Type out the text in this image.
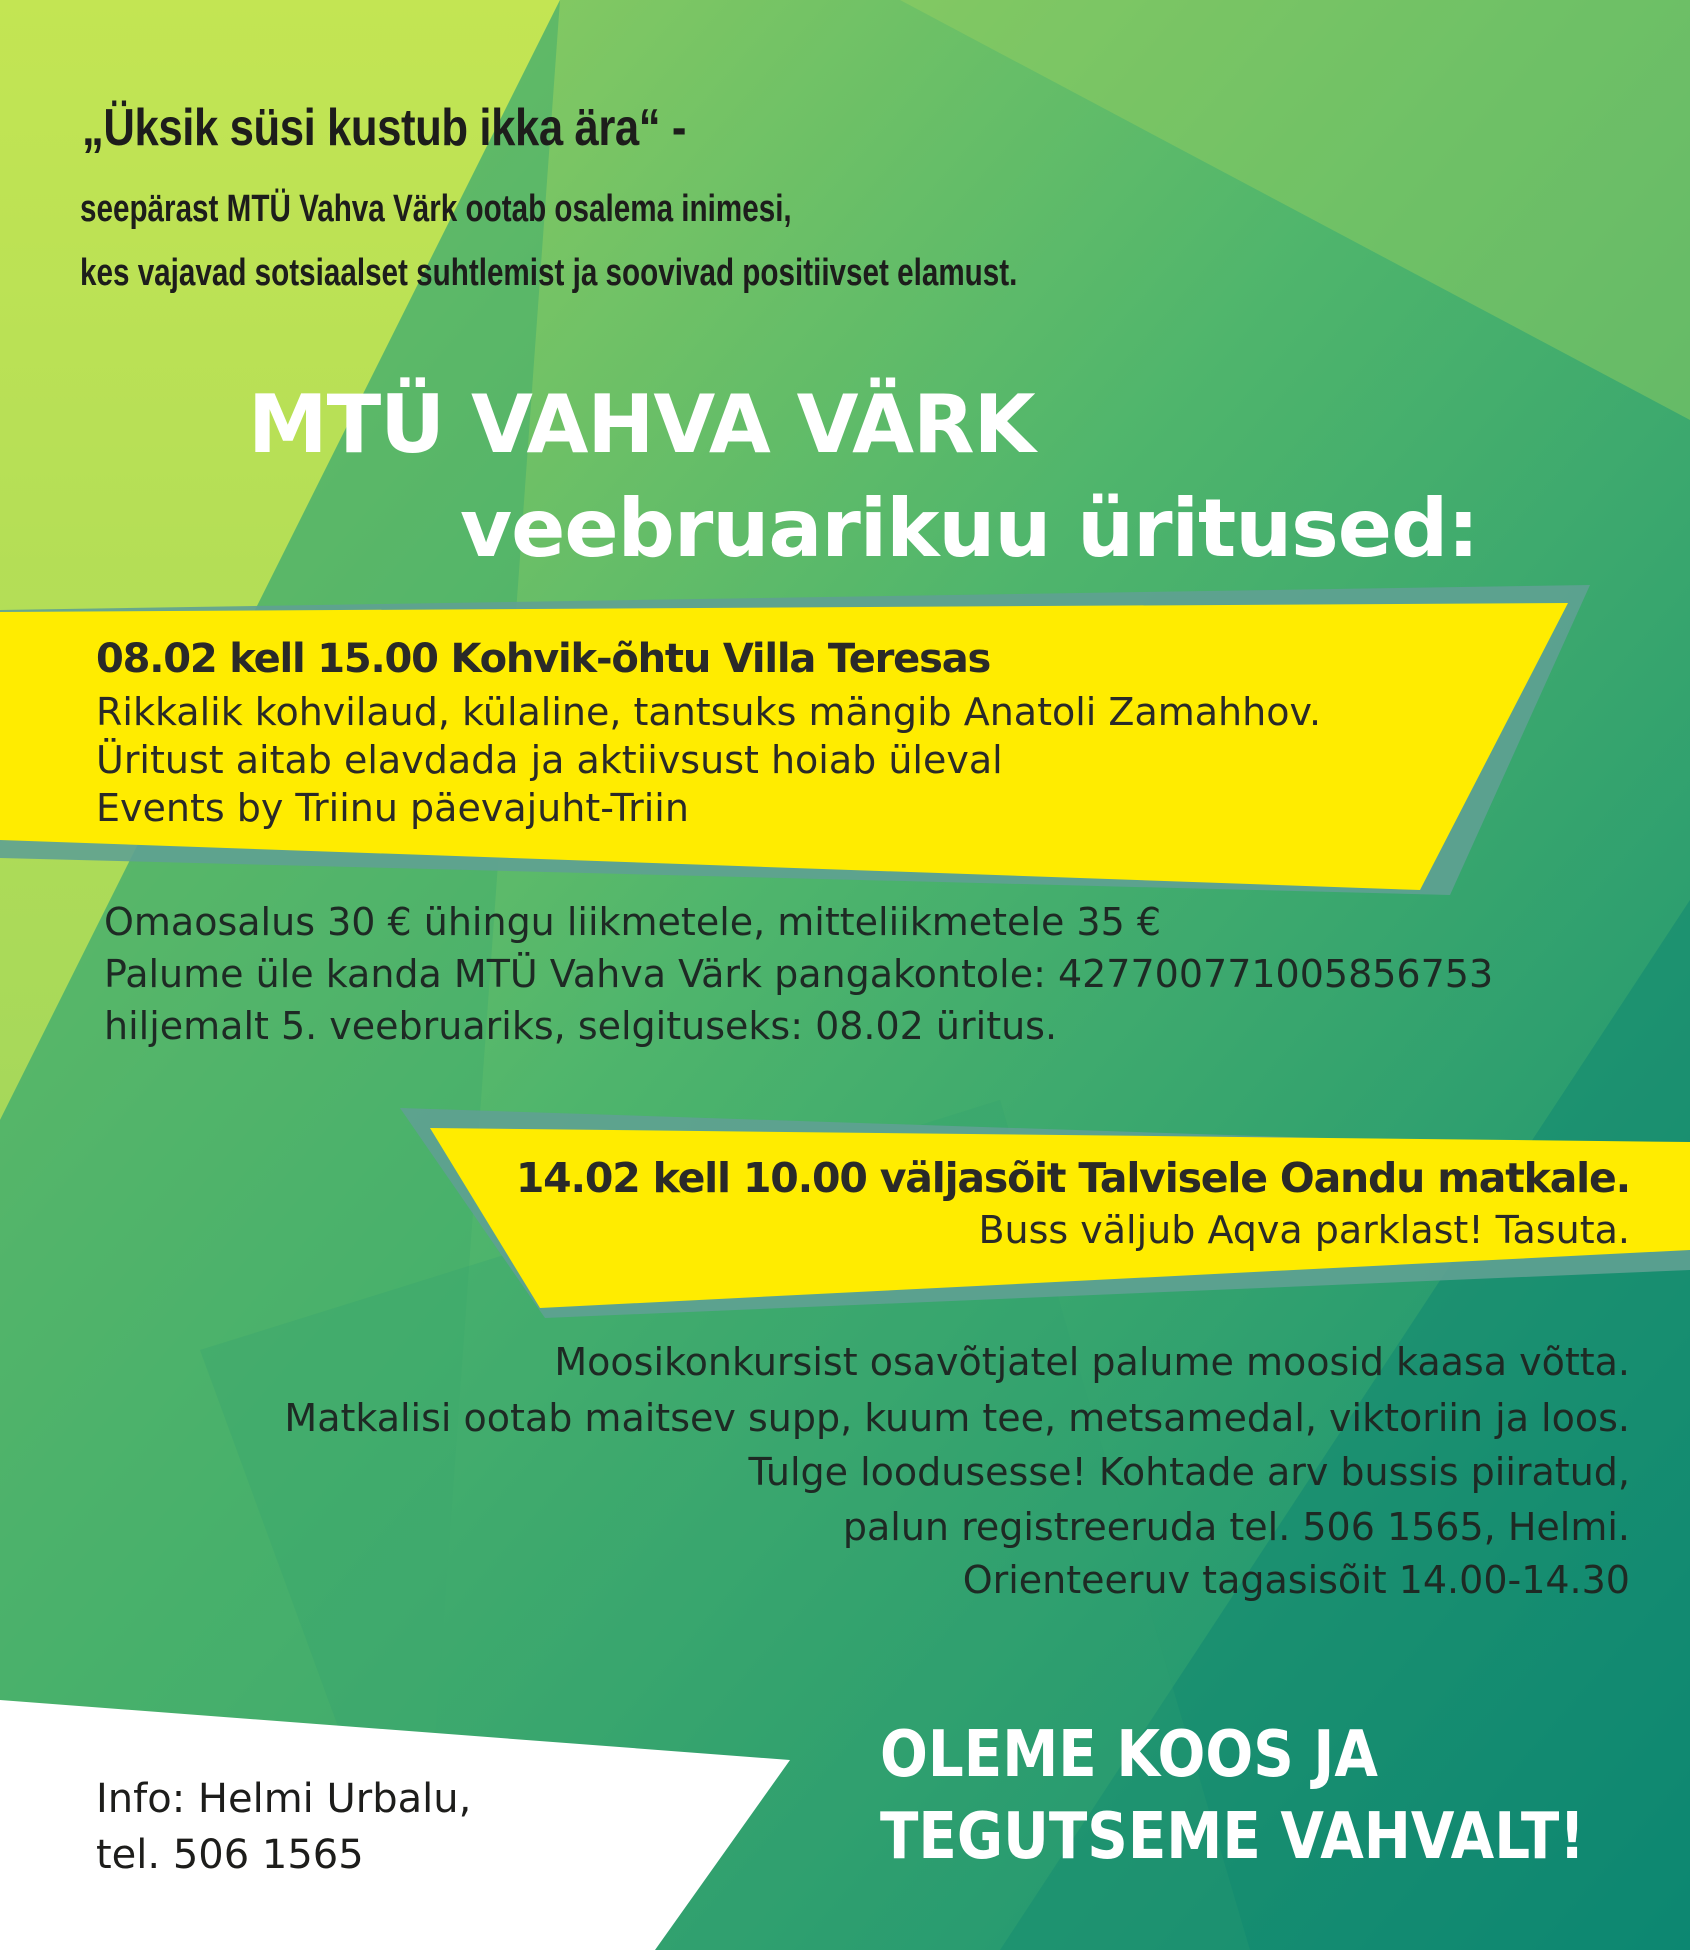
„Üksik süsi kustub ikka ära“ -

seepärast MTÜ Vahva Värk ootab osalema inimesi,

kes vajavad sotsiaalset suhtlemist ja soovivad positiivset elamust.

MTÜ VAHVA VÄRK

veebruarikuu üritused:

08.02 kell 15.00 Kohvik-õhtu Villa Teresas

Rikkalik kohvilaud, külaline, tantsuks mängib Anatoli Zamahhov.

Üritust aitab elavdada ja aktiivsust hoiab üleval

Events by Triinu päevajuht-Triin

Omaosalus 30 € ühingu liikmetele, mitteliikmetele 35 €

Palume üle kanda MTÜ Vahva Värk pangakontole: 427700771005856753

hiljemalt 5. veebruariks, selgituseks: 08.02 üritus.

14.02 kell 10.00 väljasõit Talvisele Oandu matkale.

Buss väljub Aqva parklast! Tasuta.

Moosikonkursist osavõtjatel palume moosid kaasa võtta.

Matkalisi ootab maitsev supp, kuum tee, metsamedal, viktoriin ja loos.

Tulge loodusesse! Kohtade arv bussis piiratud,

palun registreeruda tel. 506 1565, Helmi.

Orienteeruv tagasisõit 14.00-14.30

Info: Helmi Urbalu,

tel. 506 1565

OLEME KOOS JA

TEGUTSEME VAHVALT!
